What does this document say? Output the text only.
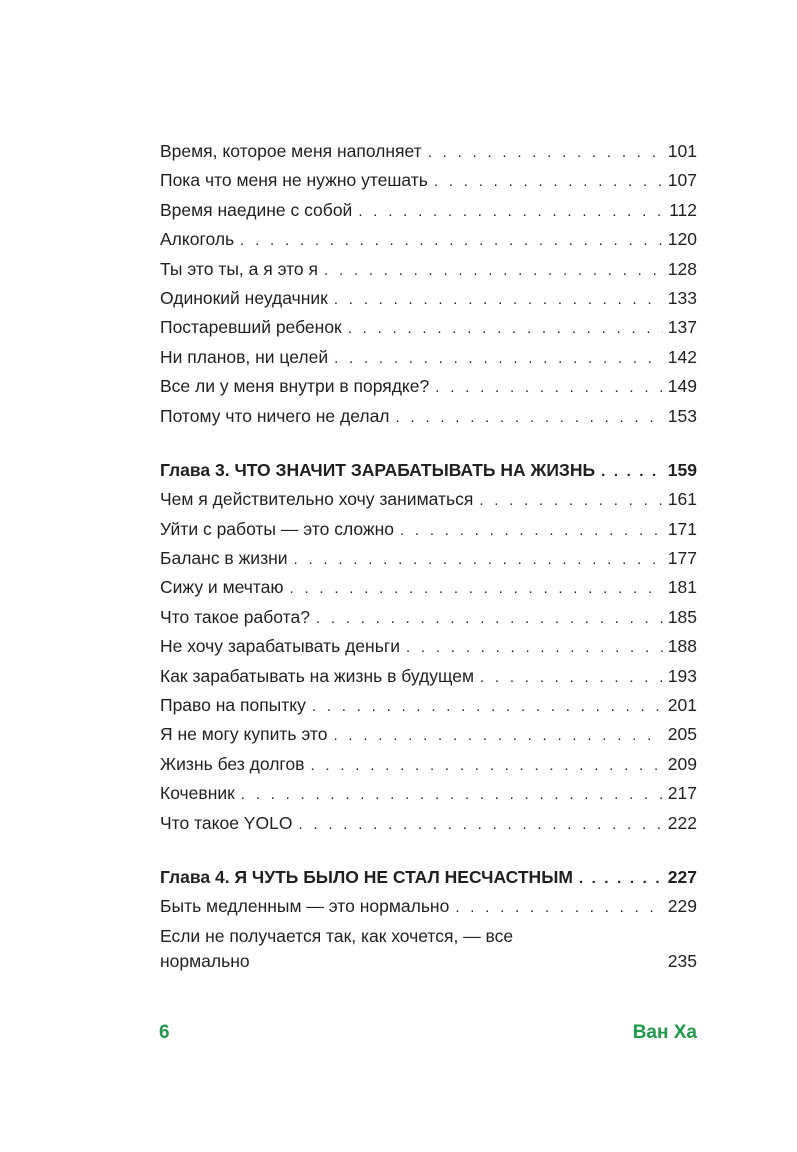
Время, которое меня наполняет . . .	101
Пока что меня не нужно утешать . . .	107
Время наедине с собой . . .	112
Алкоголь . . .	120
Ты это ты, а я это я . . .	128
Одинокий неудачник . . .	133
Постаревший ребенок . . .	137
Ни планов, ни целей . . .	142
Все ли у меня внутри в порядке? . . .	149
Потому что ничего не делал . . .	153
Глава 3. ЧТО ЗНАЧИТ ЗАРАБАТЫВАТЬ НА ЖИЗНЬ . . .	159
Чем я действительно хочу заниматься . . .	161
Уйти с работы — это сложно . . .	171
Баланс в жизни . . .	177
Сижу и мечтаю . . .	181
Что такое работа? . . .	185
Не хочу зарабатывать деньги . . .	188
Как зарабатывать на жизнь в будущем . . .	193
Право на попытку . . .	201
Я не могу купить это . . .	205
Жизнь без долгов . . .	209
Кочевник . . .	217
Что такое YOLO . . .	222
Глава 4. Я ЧУТЬ БЫЛО НЕ СТАЛ НЕСЧАСТНЫМ . . .	227
Быть медленным — это нормально . . .	229
Если не получается так, как хочется, — все
нормально	235
6	Ван Ха
